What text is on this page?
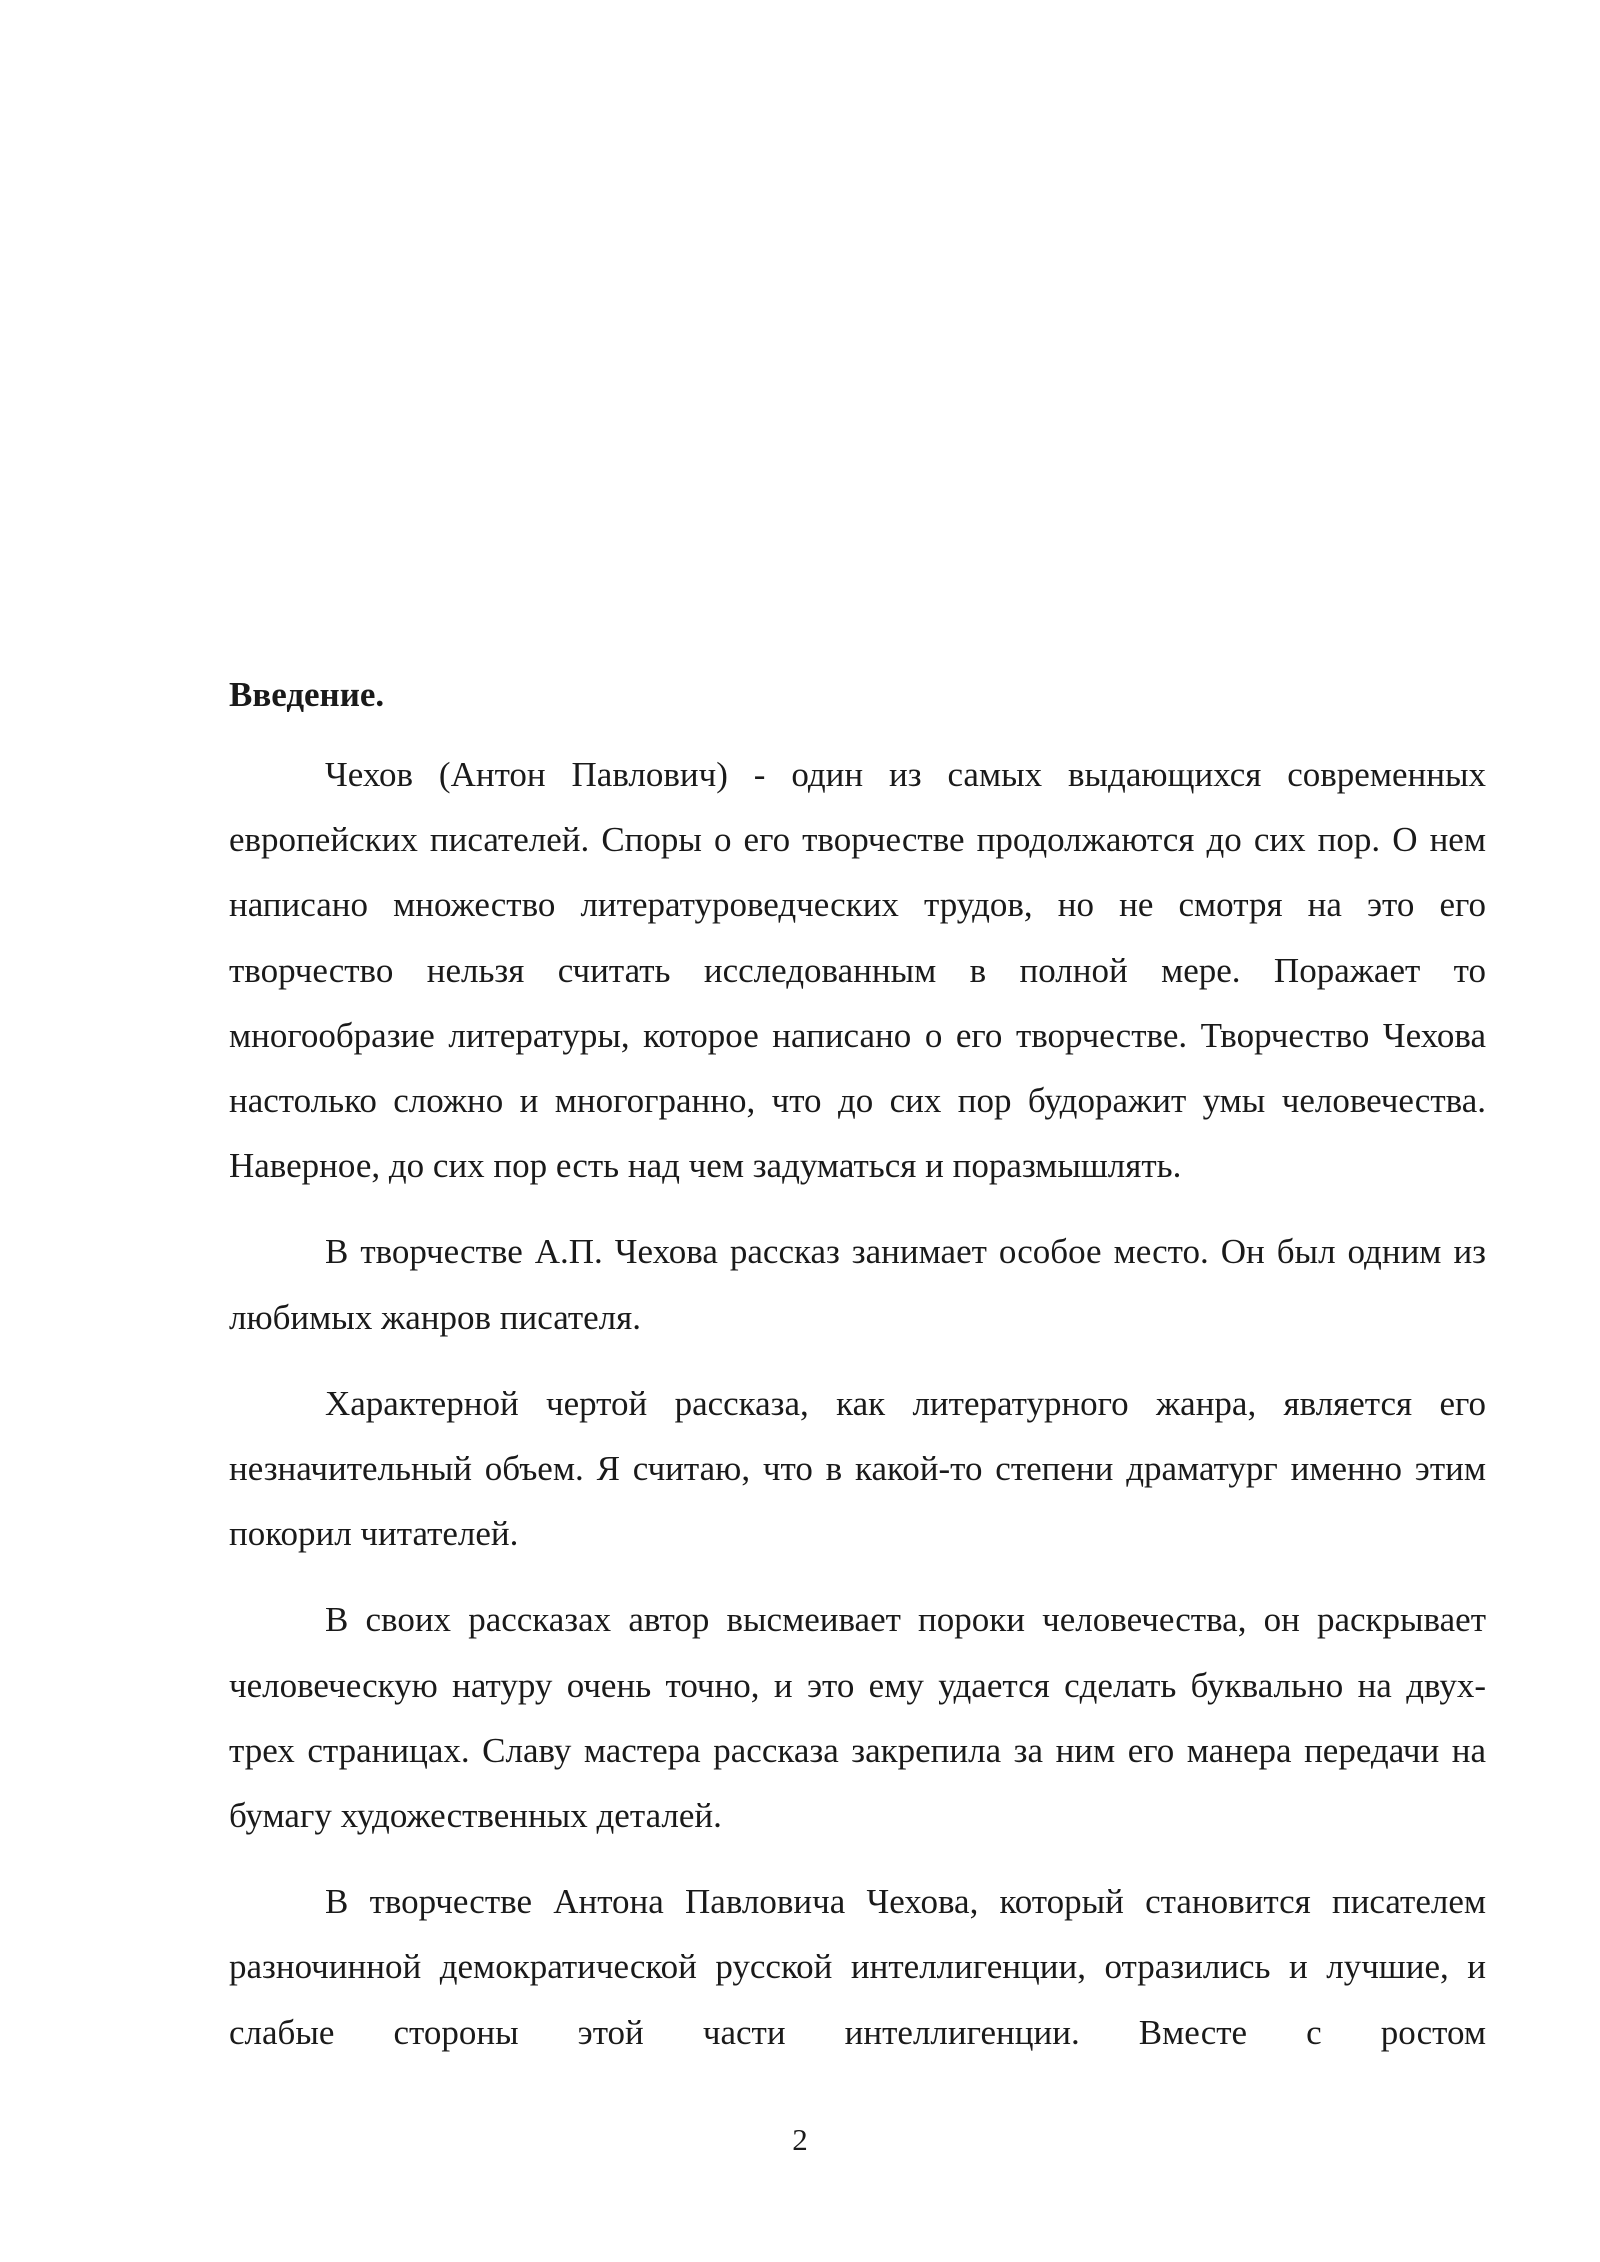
Введение.

Чехов (Антон Павлович) - один из самых выдающихся современных европейских писателей. Споры о его творчестве продолжаются до сих пор. О нем написано множество литературоведческих трудов, но не смотря на это его творчество нельзя считать исследованным в полной мере. Поражает то многообразие литературы, которое написано о его творчестве. Творчество Чехова настолько сложно и многогранно, что до сих пор будоражит умы человечества. Наверное, до сих пор есть над чем задуматься и поразмышлять.

В творчестве А.П. Чехова рассказ занимает особое место. Он был одним из любимых жанров писателя.

Характерной чертой рассказа, как литературного жанра, является его незначительный объем. Я считаю, что в какой-то степени драматург именно этим покорил читателей.

В своих рассказах автор высмеивает пороки человечества, он раскрывает человеческую натуру очень точно, и это ему удается сделать буквально на двух-трех страницах. Славу мастера рассказа закрепила за ним его манера передачи на бумагу художественных деталей.

В творчестве Антона Павловича Чехова, который становится писателем разночинной демократической русской интеллигенции, отразились и лучшие, и слабые стороны этой части интеллигенции. Вместе с ростом

2
